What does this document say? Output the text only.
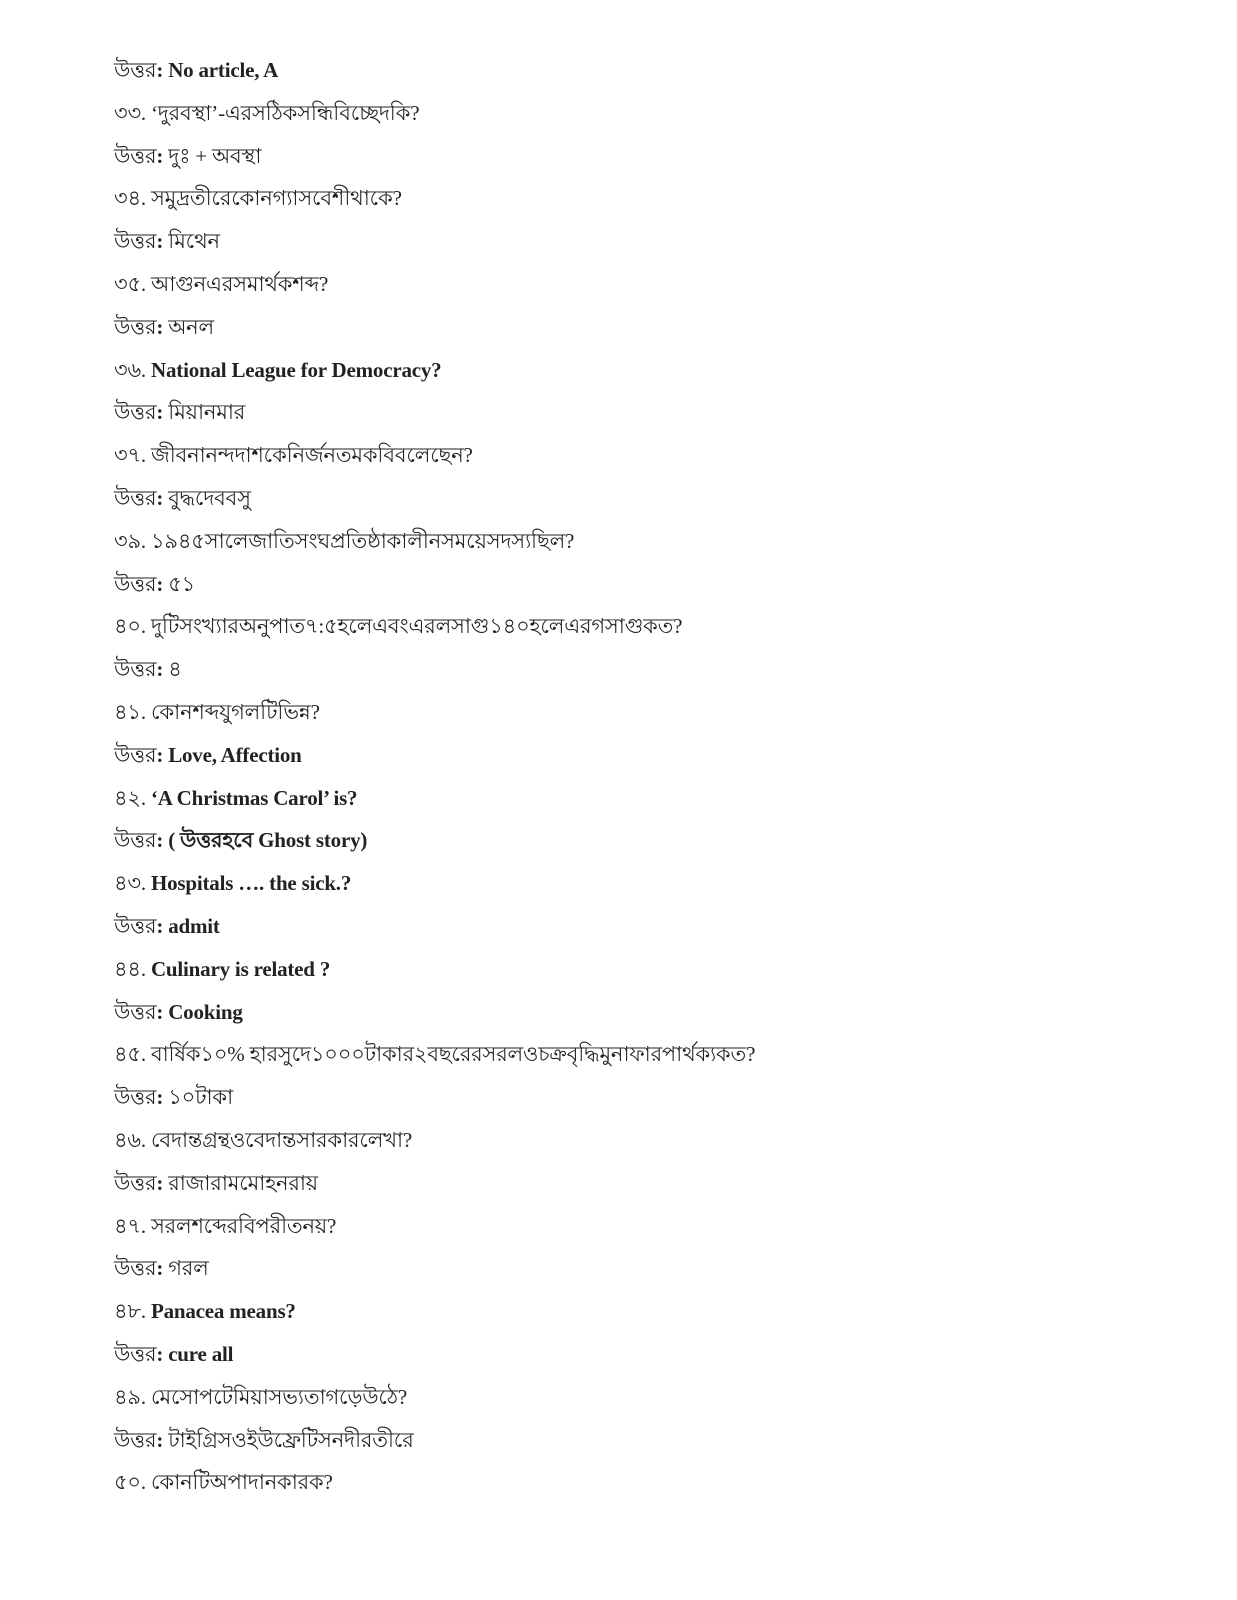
উত্তর: No article, A
৩৩. ‘দুরবস্থা’-এরসঠিকসন্ধিবিচ্ছেদকি?
উত্তর: দুঃ + অবস্থা
৩৪. সমুদ্রতীরেকোনগ্যাসবেশীথাকে?
উত্তর: মিথেন
৩৫. আগুনএরসমার্থকশব্দ?
উত্তর: অনল
৩৬. National League for Democracy?
উত্তর: মিয়ানমার
৩৭. জীবনানন্দদাশকেনির্জনতমকবিবলেছেন?
উত্তর: বুদ্ধদেববসু
৩৯. ১৯৪৫সালেজাতিসংঘপ্রতিষ্ঠাকালীনসময়েসদস্যছিল?
উত্তর: ৫১
৪০. দুটিসংখ্যারঅনুপাত৭:৫হলেএবংএরলসাগু১৪০হলেএরগসাগুকত?
উত্তর: ৪
৪১. কোনশব্দযুগলটিভিন্ন?
উত্তর: Love, Affection
৪২. ‘A Christmas Carol’ is?
উত্তর: ( উত্তরহবে Ghost story)
৪৩. Hospitals …. the sick.?
উত্তর: admit
৪৪. Culinary is related ?
উত্তর: Cooking
৪৫. বার্ষিক১০% হারসুদে১০০০টাকার২বছরেরসরলওচক্রবৃদ্ধিমুনাফারপার্থক্যকত?
উত্তর: ১০টাকা
৪৬. বেদান্তগ্রন্থওবেদান্তসারকারলেখা?
উত্তর: রাজারামমোহনরায়
৪৭. সরলশব্দেরবিপরীতনয়?
উত্তর: গরল
৪৮. Panacea means?
উত্তর: cure all
৪৯. মেসোপটেমিয়াসভ্যতাগড়েউঠে?
উত্তর: টাইগ্রিসওইউফ্রেটিসনদীরতীরে
৫০. কোনটিঅপাদানকারক?
